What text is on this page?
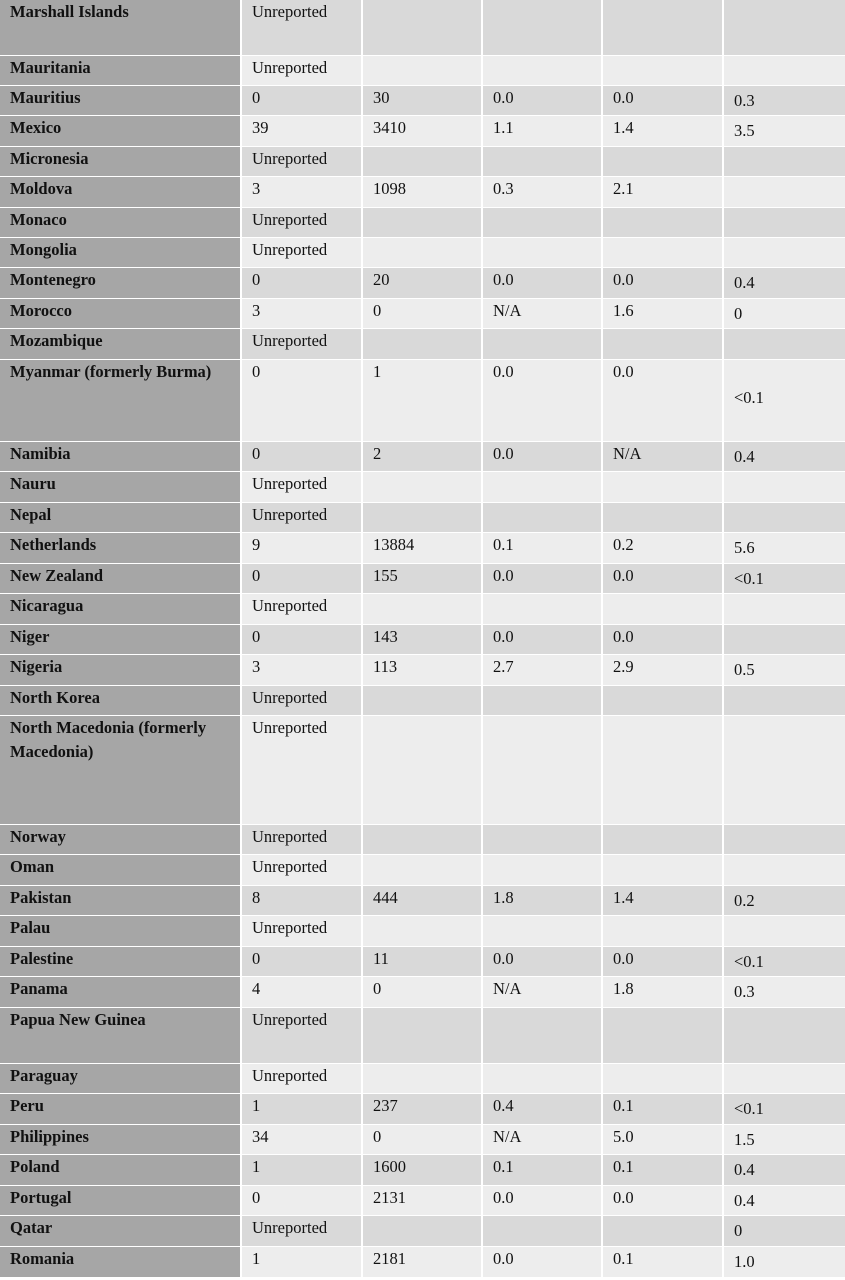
Marshall Islands	Unreported				
Mauritania	Unreported				
Mauritius	0	30	0.0	0.0	0.3
Mexico	39	3410	1.1	1.4	3.5
Micronesia	Unreported				
Moldova	3	1098	0.3	2.1	
Monaco	Unreported				
Mongolia	Unreported				
Montenegro	0	20	0.0	0.0	0.4
Morocco	3	0	N/A	1.6	0
Mozambique	Unreported				
Myanmar (formerly Burma)	0	1	0.0	0.0	<0.1
Namibia	0	2	0.0	N/A	0.4
Nauru	Unreported				
Nepal	Unreported				
Netherlands	9	13884	0.1	0.2	5.6
New Zealand	0	155	0.0	0.0	<0.1
Nicaragua	Unreported				
Niger	0	143	0.0	0.0	
Nigeria	3	113	2.7	2.9	0.5
North Korea	Unreported				
North Macedonia (formerly Macedonia)	Unreported				
Norway	Unreported				
Oman	Unreported				
Pakistan	8	444	1.8	1.4	0.2
Palau	Unreported				
Palestine	0	11	0.0	0.0	<0.1
Panama	4	0	N/A	1.8	0.3
Papua New Guinea	Unreported				
Paraguay	Unreported				
Peru	1	237	0.4	0.1	<0.1
Philippines	34	0	N/A	5.0	1.5
Poland	1	1600	0.1	0.1	0.4
Portugal	0	2131	0.0	0.0	0.4
Qatar	Unreported				0
Romania	1	2181	0.0	0.1	1.0
